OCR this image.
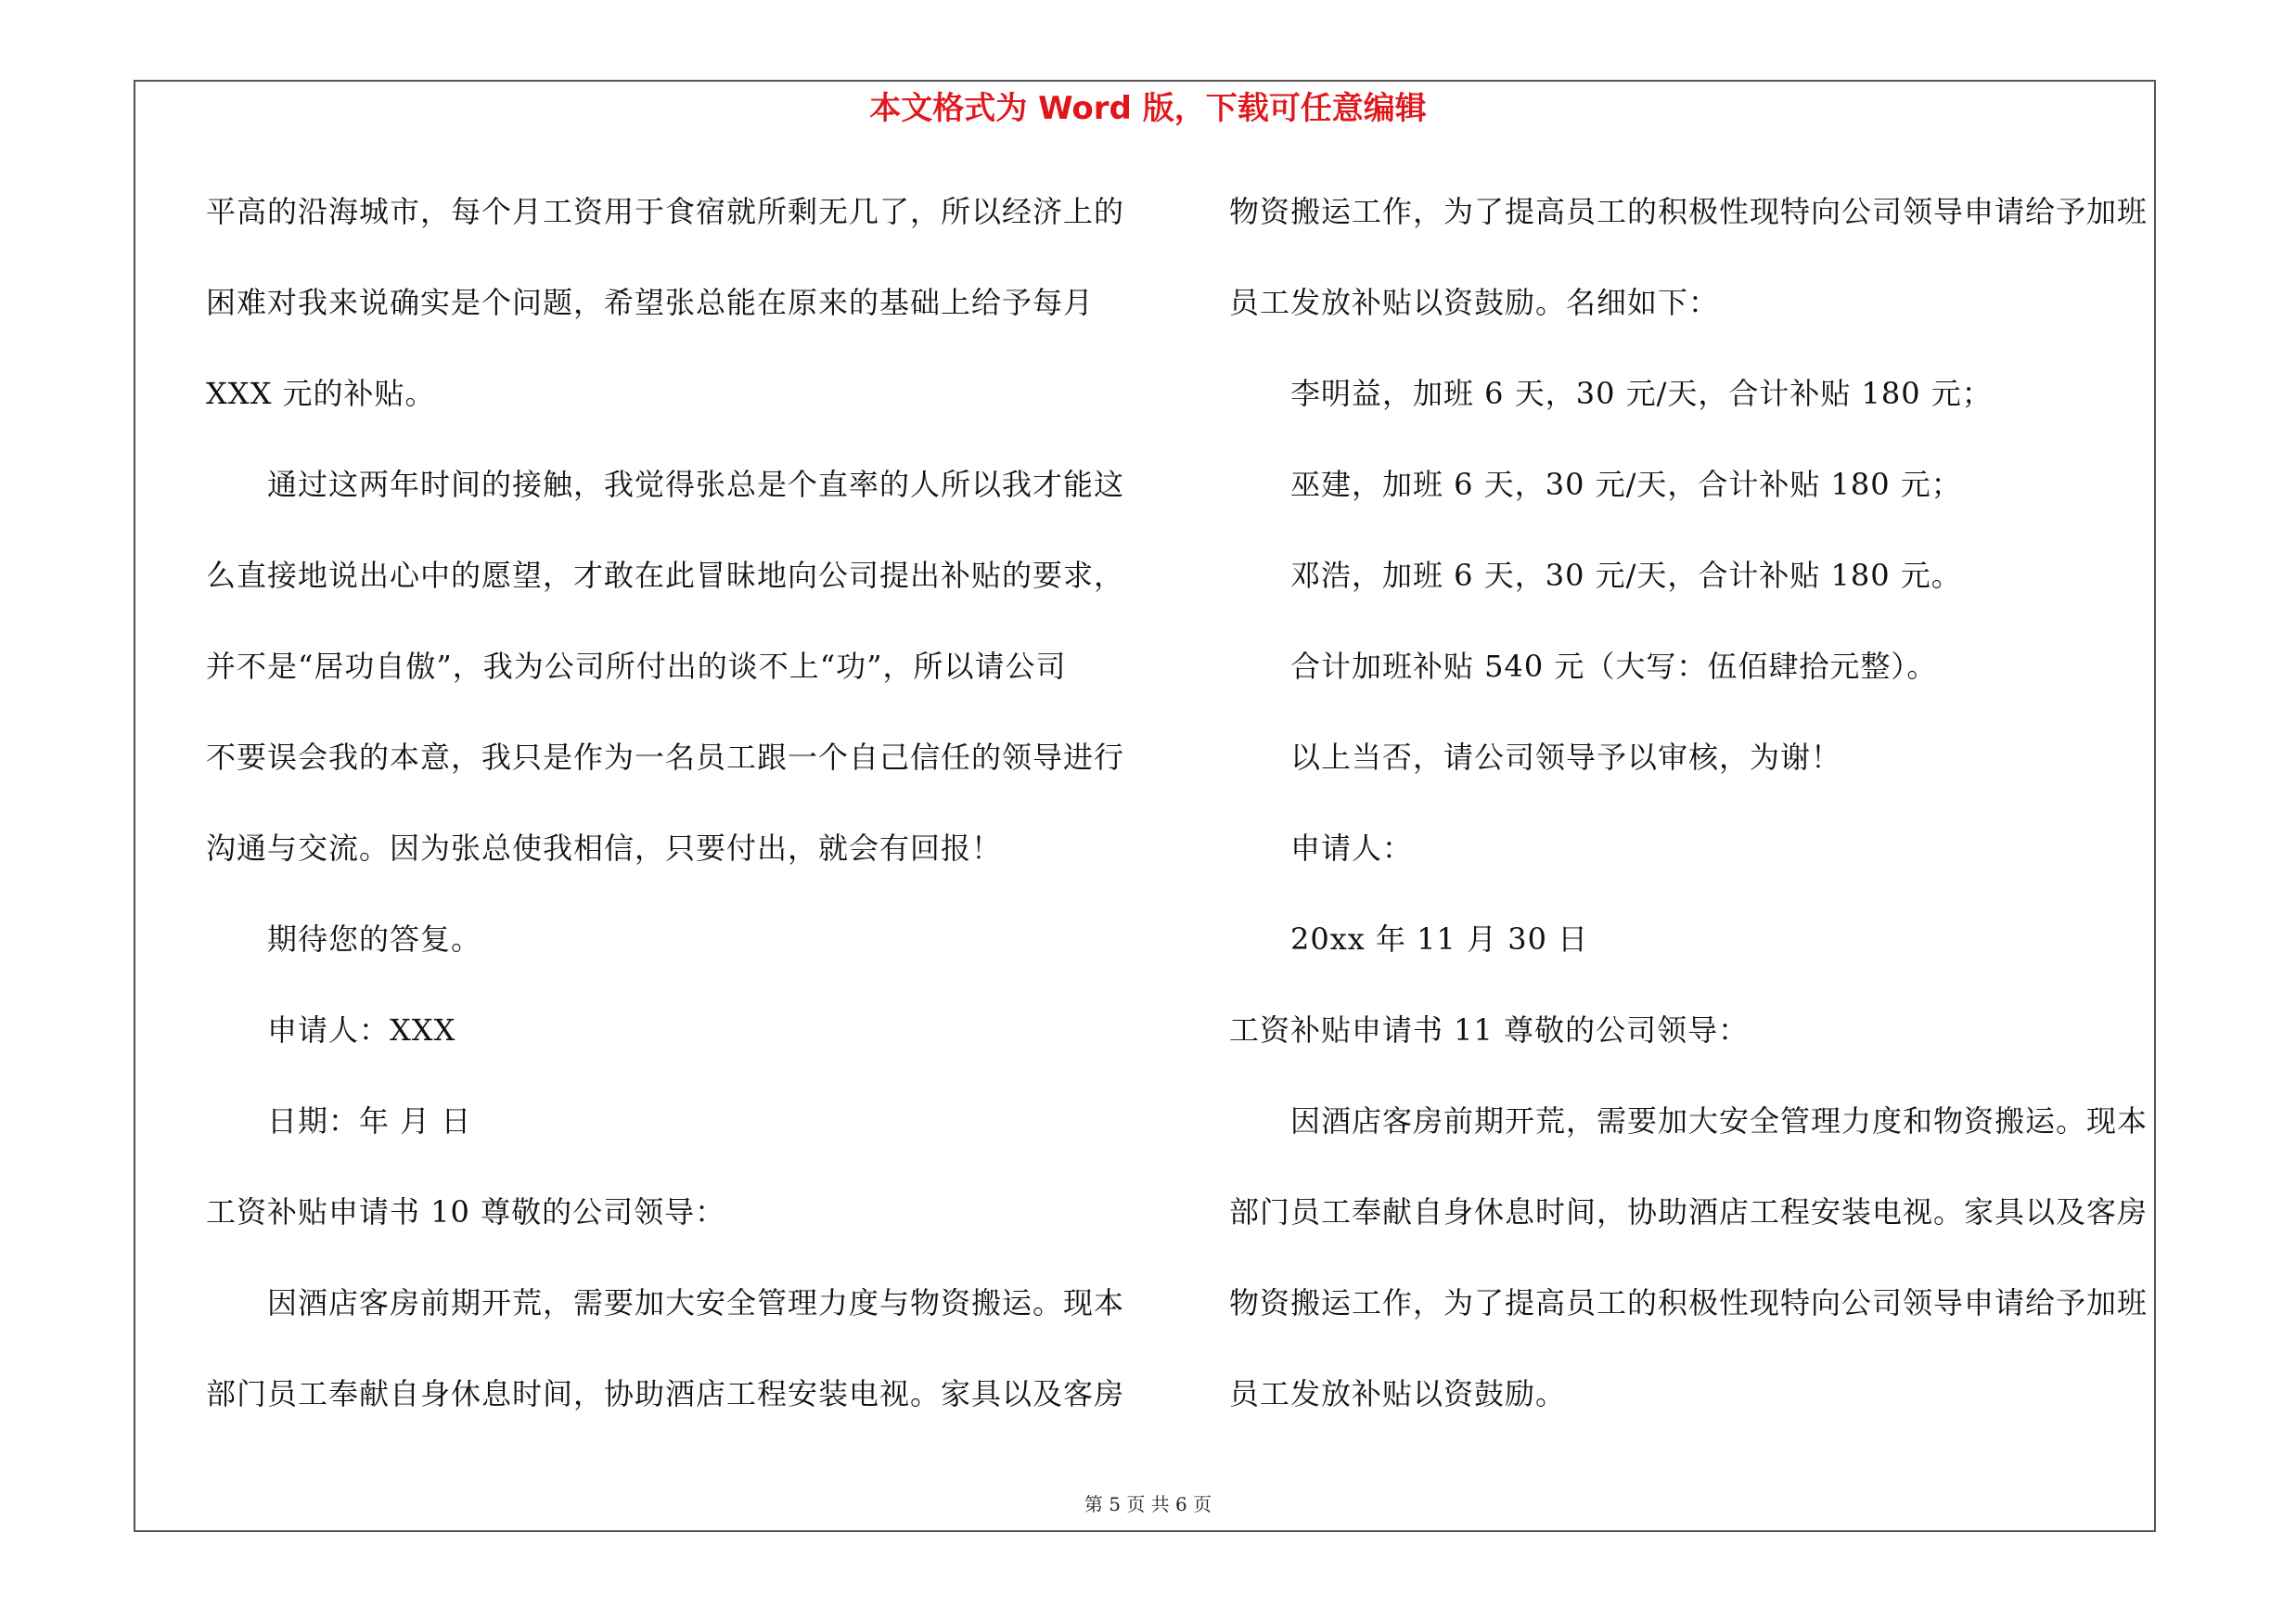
本文格式为 Word 版，下载可任意编辑
平高的沿海城市，每个月工资用于食宿就所剩无几了，所以经济上的
困难对我来说确实是个问题，希望张总能在原来的基础上给予每月
XXX 元的补贴。
通过这两年时间的接触，我觉得张总是个直率的人所以我才能这
么直接地说出心中的愿望，才敢在此冒昧地向公司提出补贴的要求，
并不是“居功自傲”，我为公司所付出的谈不上“功”，所以请公司
不要误会我的本意，我只是作为一名员工跟一个自己信任的领导进行
沟通与交流。因为张总使我相信，只要付出，就会有回报！
期待您的答复。
申请人：XXX
日期：年 月 日
工资补贴申请书 10 尊敬的公司领导：
因酒店客房前期开荒，需要加大安全管理力度与物资搬运。现本
部门员工奉献自身休息时间，协助酒店工程安装电视。家具以及客房
物资搬运工作，为了提高员工的积极性现特向公司领导申请给予加班
员工发放补贴以资鼓励。名细如下：
李明益，加班 6 天，30 元/天，合计补贴 180 元；
巫建，加班 6 天，30 元/天，合计补贴 180 元；
邓浩，加班 6 天，30 元/天，合计补贴 180 元。
合计加班补贴 540 元（大写：伍佰肆拾元整）。
以上当否，请公司领导予以审核，为谢！
申请人：
20xx 年 11 月 30 日
工资补贴申请书 11 尊敬的公司领导：
因酒店客房前期开荒，需要加大安全管理力度和物资搬运。现本
部门员工奉献自身休息时间，协助酒店工程安装电视。家具以及客房
物资搬运工作，为了提高员工的积极性现特向公司领导申请给予加班
员工发放补贴以资鼓励。
第 5 页 共 6 页
